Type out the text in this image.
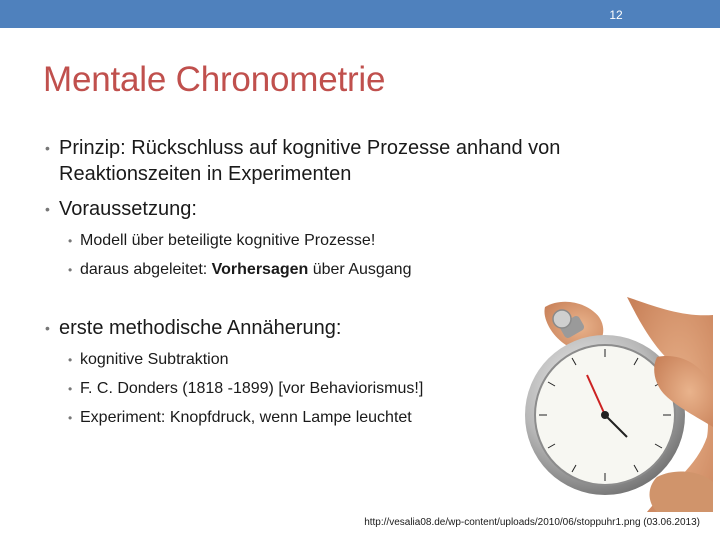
12
Mentale Chronometrie
• Prinzip: Rückschluss auf kognitive Prozesse anhand von
Reaktionszeiten in Experimenten
• Voraussetzung:
• Modell über beteiligte kognitive Prozesse!
• daraus abgeleitet: Vorhersagen über Ausgang
• erste methodische Annäherung:
• kognitive Subtraktion
• F. C. Donders (1818 -1899) [vor Behaviorismus!]
• Experiment: Knopfdruck, wenn Lampe leuchtet
http://vesalia08.de/wp-content/uploads/2010/06/stoppuhr1.png (03.06.2013)
